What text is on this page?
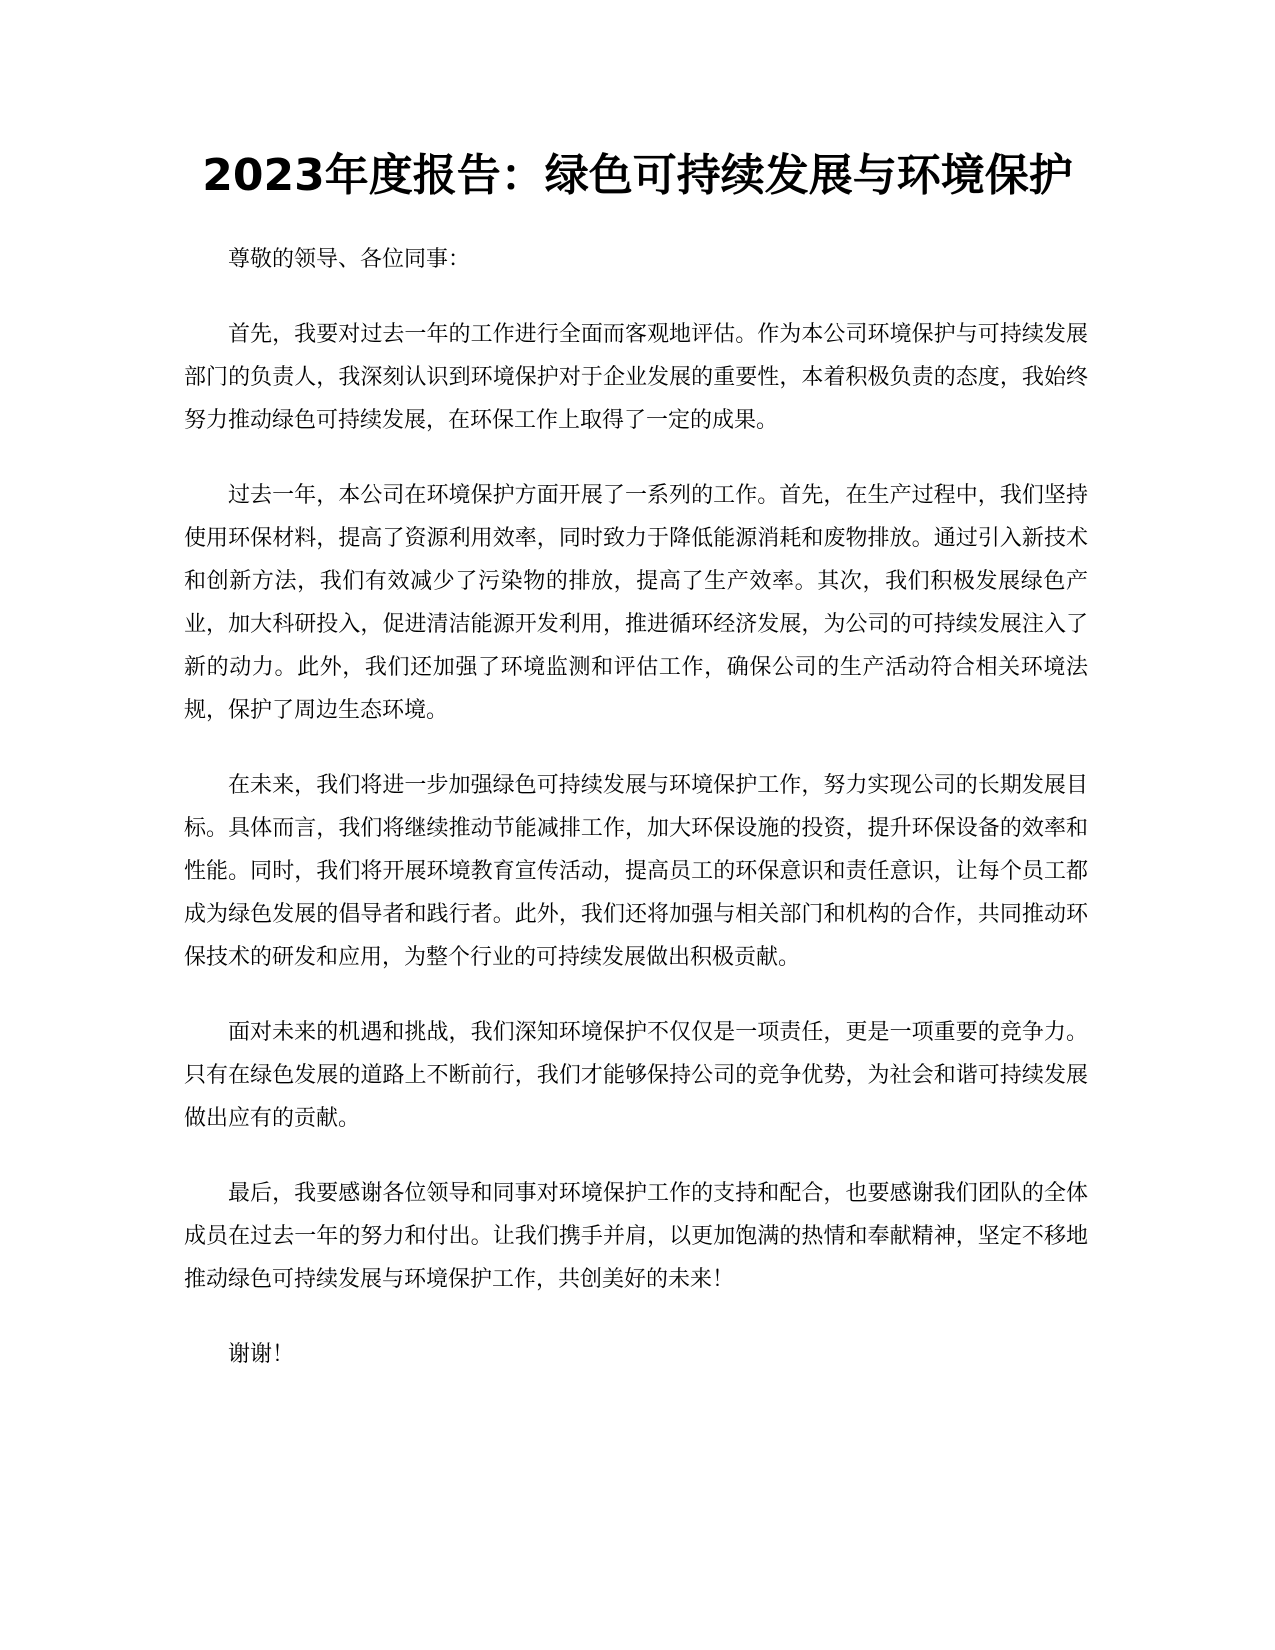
2023年度报告：绿色可持续发展与环境保护

尊敬的领导、各位同事：

首先，我要对过去一年的工作进行全面而客观地评估。作为本公司环境保护与可持续发展部门的负责人，我深刻认识到环境保护对于企业发展的重要性，本着积极负责的态度，我始终努力推动绿色可持续发展，在环保工作上取得了一定的成果。

过去一年，本公司在环境保护方面开展了一系列的工作。首先，在生产过程中，我们坚持使用环保材料，提高了资源利用效率，同时致力于降低能源消耗和废物排放。通过引入新技术和创新方法，我们有效减少了污染物的排放，提高了生产效率。其次，我们积极发展绿色产业，加大科研投入，促进清洁能源开发利用，推进循环经济发展，为公司的可持续发展注入了新的动力。此外，我们还加强了环境监测和评估工作，确保公司的生产活动符合相关环境法规，保护了周边生态环境。

在未来，我们将进一步加强绿色可持续发展与环境保护工作，努力实现公司的长期发展目标。具体而言，我们将继续推动节能减排工作，加大环保设施的投资，提升环保设备的效率和性能。同时，我们将开展环境教育宣传活动，提高员工的环保意识和责任意识，让每个员工都成为绿色发展的倡导者和践行者。此外，我们还将加强与相关部门和机构的合作，共同推动环保技术的研发和应用，为整个行业的可持续发展做出积极贡献。

面对未来的机遇和挑战，我们深知环境保护不仅仅是一项责任，更是一项重要的竞争力。只有在绿色发展的道路上不断前行，我们才能够保持公司的竞争优势，为社会和谐可持续发展做出应有的贡献。

最后，我要感谢各位领导和同事对环境保护工作的支持和配合，也要感谢我们团队的全体成员在过去一年的努力和付出。让我们携手并肩，以更加饱满的热情和奉献精神，坚定不移地推动绿色可持续发展与环境保护工作，共创美好的未来！

谢谢！
